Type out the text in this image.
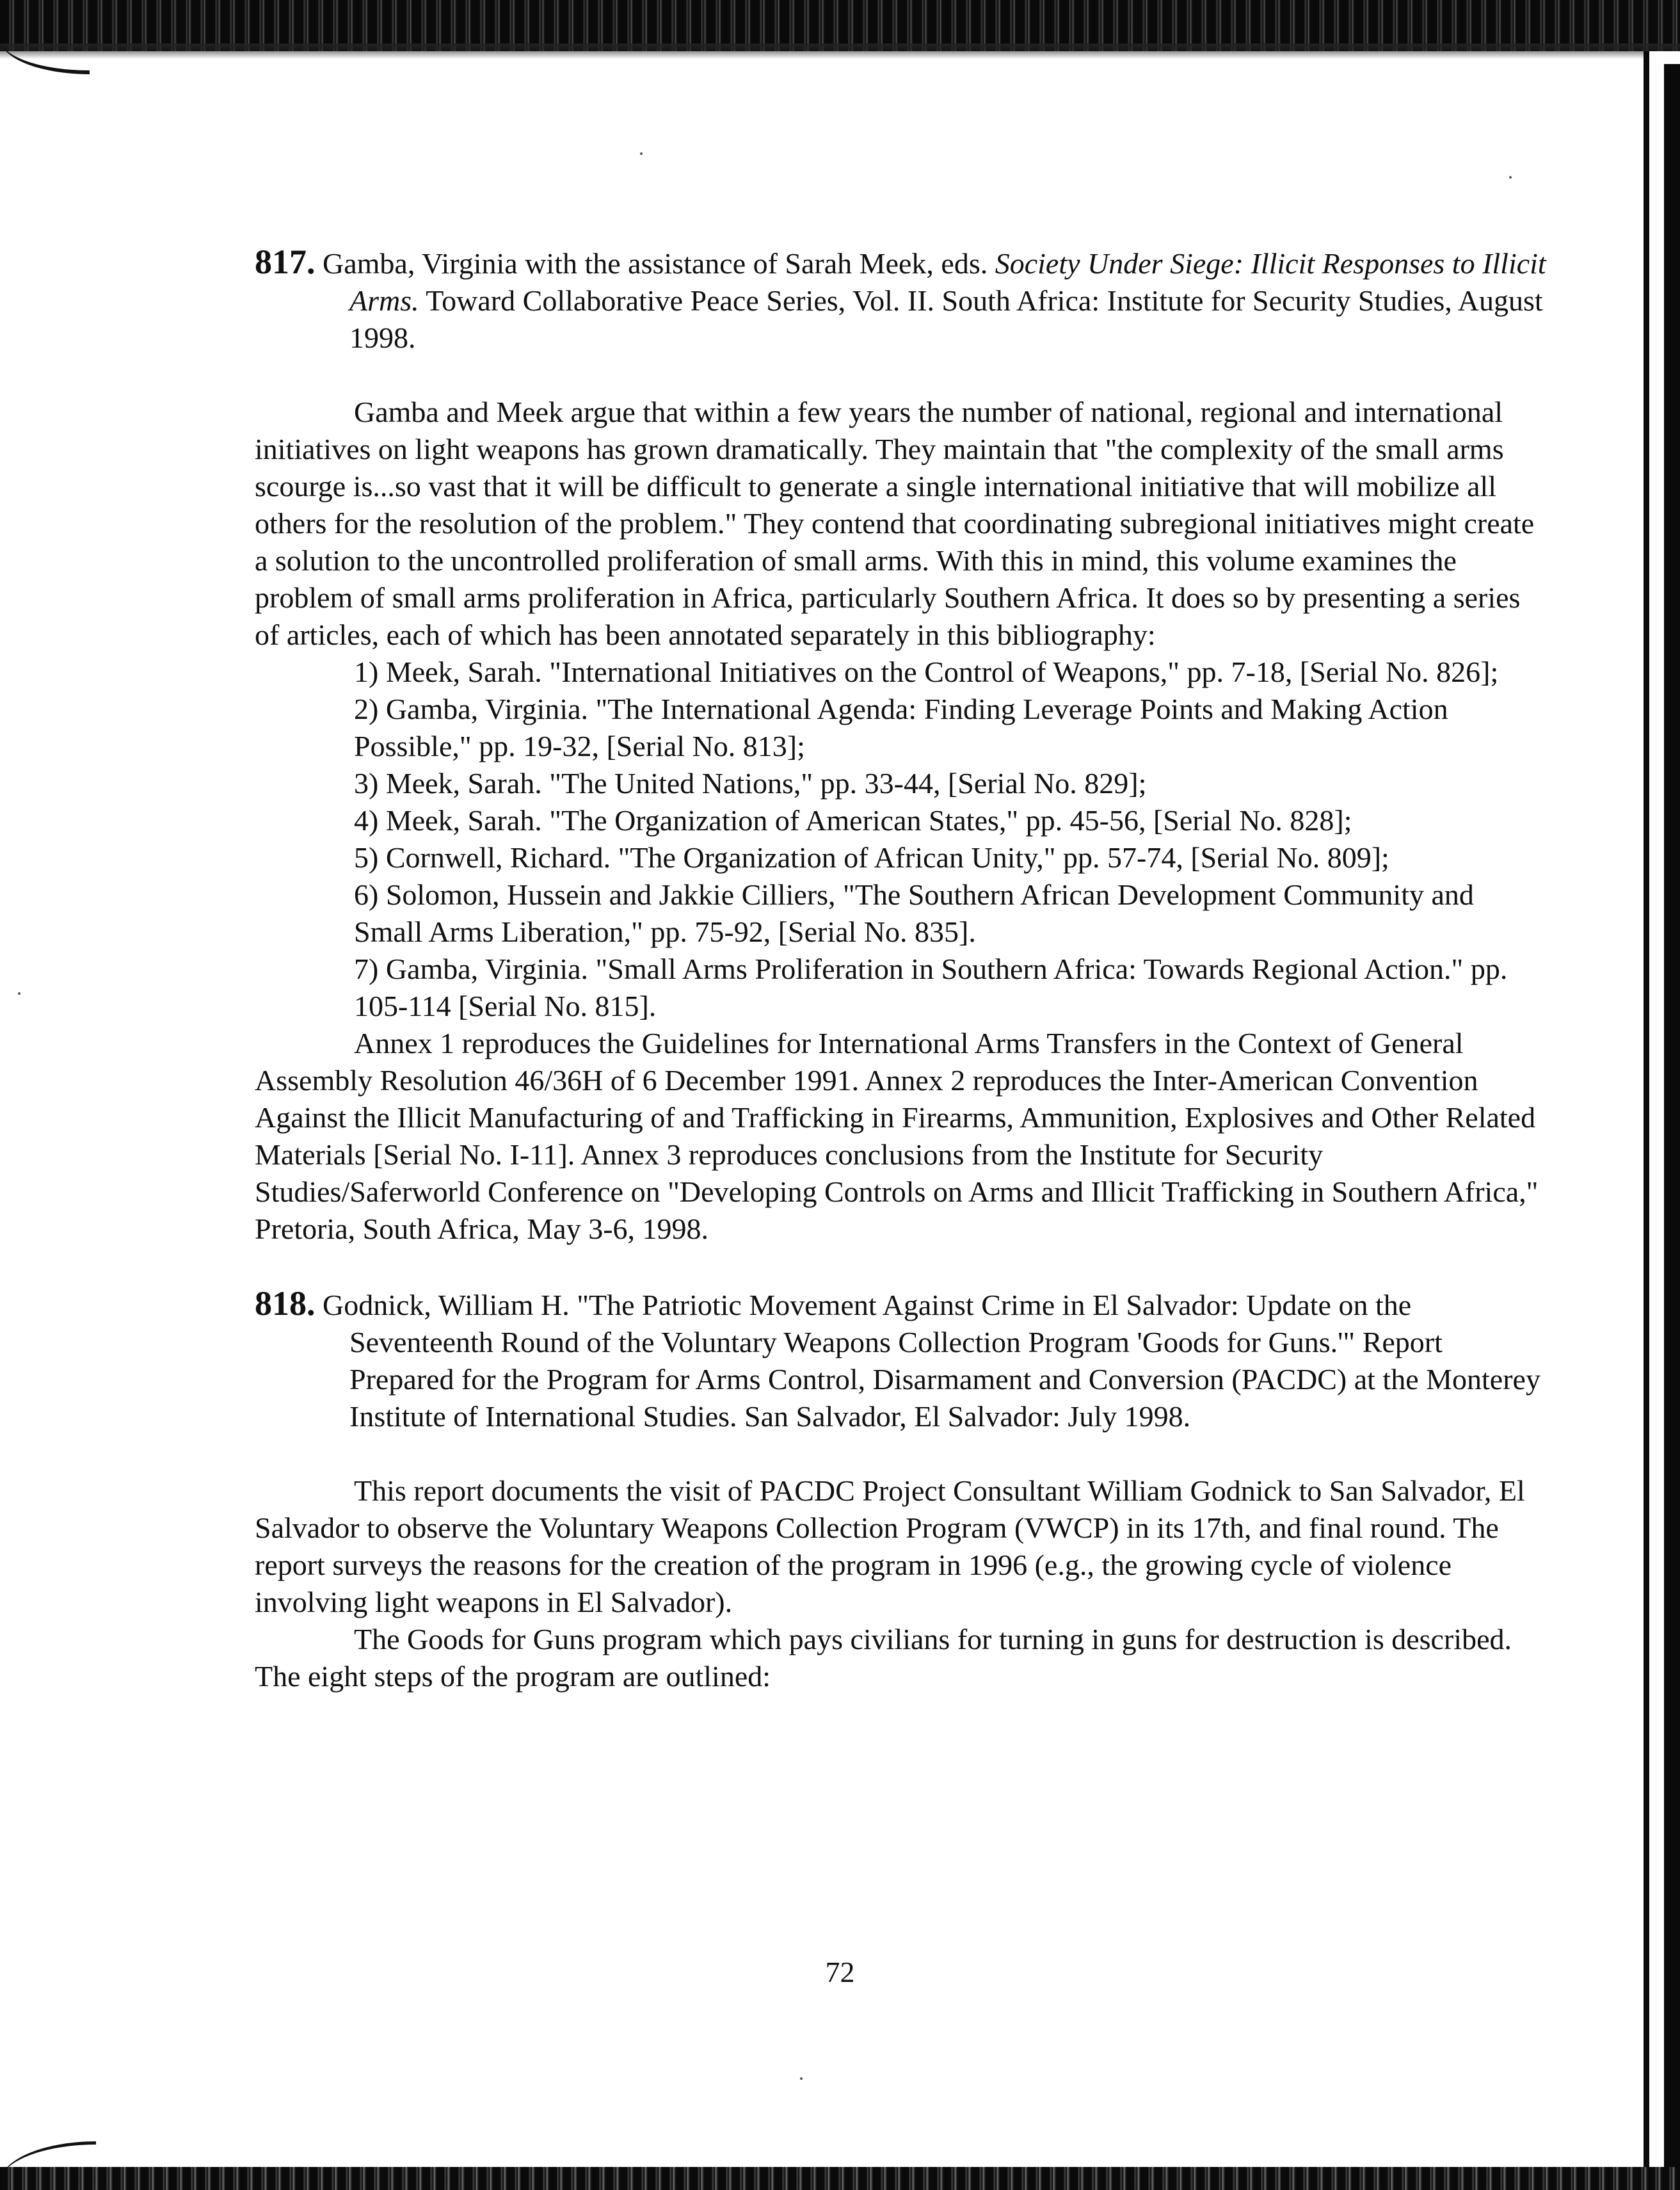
817. Gamba, Virginia with the assistance of Sarah Meek, eds. Society Under Siege: Illicit Responses to Illicit Arms. Toward Collaborative Peace Series, Vol. II. South Africa: Institute for Security Studies, August 1998.

Gamba and Meek argue that within a few years the number of national, regional and international initiatives on light weapons has grown dramatically. They maintain that "the complexity of the small arms scourge is...so vast that it will be difficult to generate a single international initiative that will mobilize all others for the resolution of the problem." They contend that coordinating subregional initiatives might create a solution to the uncontrolled proliferation of small arms. With this in mind, this volume examines the problem of small arms proliferation in Africa, particularly Southern Africa. It does so by presenting a series of articles, each of which has been annotated separately in this bibliography:

1) Meek, Sarah. "International Initiatives on the Control of Weapons," pp. 7-18, [Serial No. 826];

2) Gamba, Virginia. "The International Agenda: Finding Leverage Points and Making Action Possible," pp. 19-32, [Serial No. 813];

3) Meek, Sarah. "The United Nations," pp. 33-44, [Serial No. 829];

4) Meek, Sarah. "The Organization of American States," pp. 45-56, [Serial No. 828];

5) Cornwell, Richard. "The Organization of African Unity," pp. 57-74, [Serial No. 809];

6) Solomon, Hussein and Jakkie Cilliers, "The Southern African Development Community and Small Arms Liberation," pp. 75-92, [Serial No. 835].

7) Gamba, Virginia. "Small Arms Proliferation in Southern Africa: Towards Regional Action." pp. 105-114 [Serial No. 815].

Annex 1 reproduces the Guidelines for International Arms Transfers in the Context of General Assembly Resolution 46/36H of 6 December 1991. Annex 2 reproduces the Inter-American Convention Against the Illicit Manufacturing of and Trafficking in Firearms, Ammunition, Explosives and Other Related Materials [Serial No. I-11]. Annex 3 reproduces conclusions from the Institute for Security Studies/Saferworld Conference on "Developing Controls on Arms and Illicit Trafficking in Southern Africa," Pretoria, South Africa, May 3-6, 1998.

818. Godnick, William H. "The Patriotic Movement Against Crime in El Salvador: Update on the Seventeenth Round of the Voluntary Weapons Collection Program 'Goods for Guns.'" Report Prepared for the Program for Arms Control, Disarmament and Conversion (PACDC) at the Monterey Institute of International Studies. San Salvador, El Salvador: July 1998.

This report documents the visit of PACDC Project Consultant William Godnick to San Salvador, El Salvador to observe the Voluntary Weapons Collection Program (VWCP) in its 17th, and final round. The report surveys the reasons for the creation of the program in 1996 (e.g., the growing cycle of violence involving light weapons in El Salvador).

The Goods for Guns program which pays civilians for turning in guns for destruction is described. The eight steps of the program are outlined:

72
